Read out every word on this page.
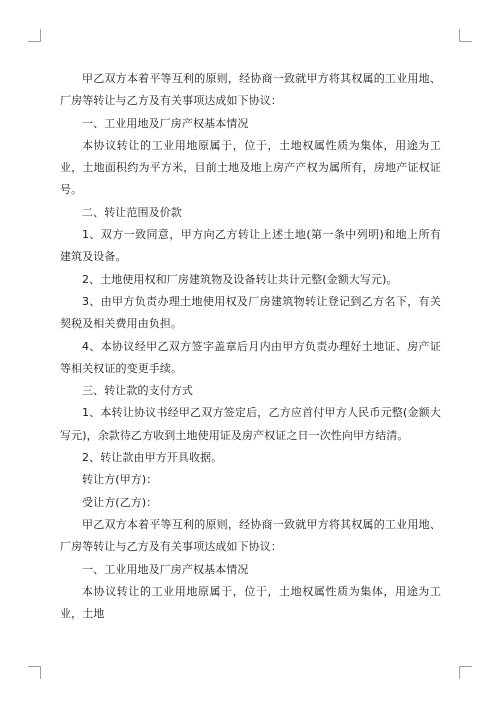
甲乙双方本着平等互利的原则，经协商一致就甲方将其权属的工业用地、厂房等转让与乙方及有关事项达成如下协议：

一、工业用地及厂房产权基本情况

本协议转让的工业用地原属于，位于，土地权属性质为集体，用途为工业，土地面积约为平方米，目前土地及地上房产产权为属所有，房地产证权证号。

二、转让范围及价款

1、双方一致同意，甲方向乙方转让上述土地(第一条中列明)和地上所有建筑及设备。

2、土地使用权和厂房建筑物及设备转让共计元整(金额大写元)。

3、由甲方负责办理土地使用权及厂房建筑物转让登记到乙方名下，有关契税及相关费用由负担。

4、本协议经甲乙双方签字盖章后月内由甲方负责办理好土地证、房产证等相关权证的变更手续。

三、转让款的支付方式

1、本转让协议书经甲乙双方签定后，乙方应首付甲方人民币元整(金额大写元)，余款待乙方收到土地使用证及房产权证之日一次性向甲方结清。

2、转让款由甲方开具收据。

转让方(甲方)：

受让方(乙方)：

甲乙双方本着平等互利的原则，经协商一致就甲方将其权属的工业用地、厂房等转让与乙方及有关事项达成如下协议：

一、工业用地及厂房产权基本情况

本协议转让的工业用地原属于，位于，土地权属性质为集体，用途为工业，土地
